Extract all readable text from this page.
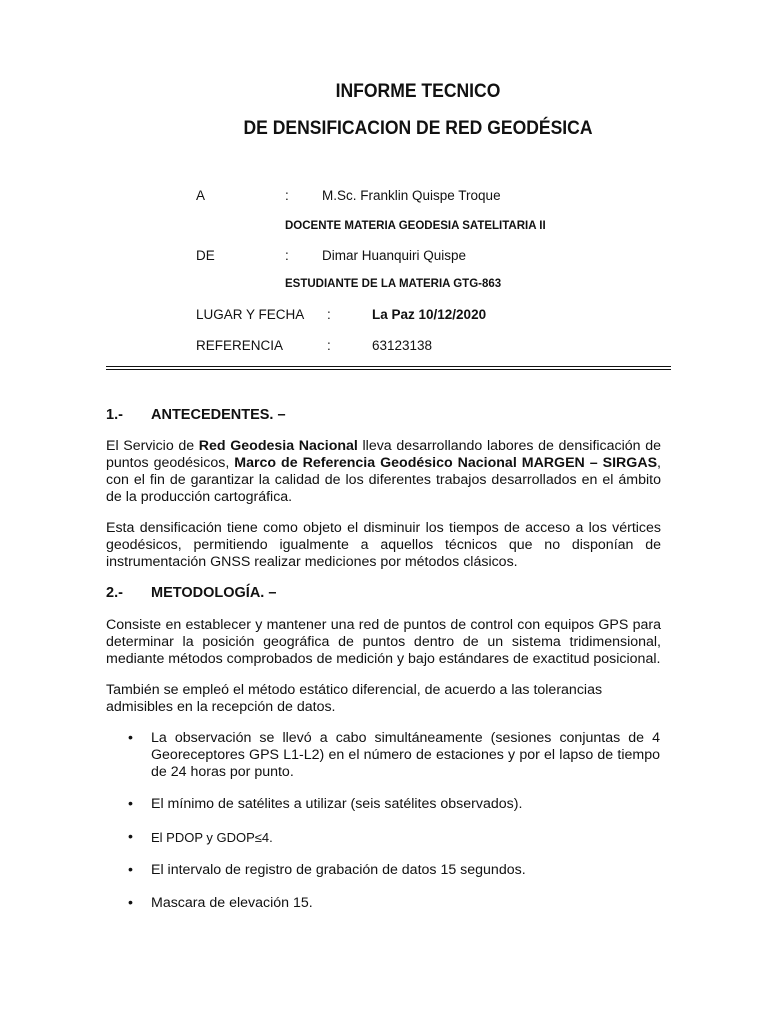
INFORME TECNICO
DE DENSIFICACION DE RED GEODÉSICA
A	: M.Sc. Franklin Quispe Troque
DOCENTE MATERIA GEODESIA SATELITARIA II
DE	: Dimar Huanquiri Quispe
ESTUDIANTE DE LA MATERIA GTG-863
LUGAR Y FECHA :	La Paz 10/12/2020
REFERENCIA	:	63123138
1.- ANTECEDENTES. –
El Servicio de Red Geodesia Nacional lleva desarrollando labores de densificación de puntos geodésicos, Marco de Referencia Geodésico Nacional MARGEN – SIRGAS, con el fin de garantizar la calidad de los diferentes trabajos desarrollados en el ámbito de la producción cartográfica.
Esta densificación tiene como objeto el disminuir los tiempos de acceso a los vértices geodésicos, permitiendo igualmente a aquellos técnicos que no disponían de instrumentación GNSS realizar mediciones por métodos clásicos.
2.- METODOLOGÍA. –
Consiste en establecer y mantener una red de puntos de control con equipos GPS para determinar la posición geográfica de puntos dentro de un sistema tridimensional, mediante métodos comprobados de medición y bajo estándares de exactitud posicional.
También se empleó el método estático diferencial, de acuerdo a las tolerancias admisibles en la recepción de datos.
• La observación se llevó a cabo simultáneamente (sesiones conjuntas de 4 Georeceptores GPS L1-L2) en el número de estaciones y por el lapso de tiempo de 24 horas por punto.
• El mínimo de satélites a utilizar (seis satélites observados).
• El PDOP y GDOP≤4.
• El intervalo de registro de grabación de datos 15 segundos.
• Mascara de elevación 15.
